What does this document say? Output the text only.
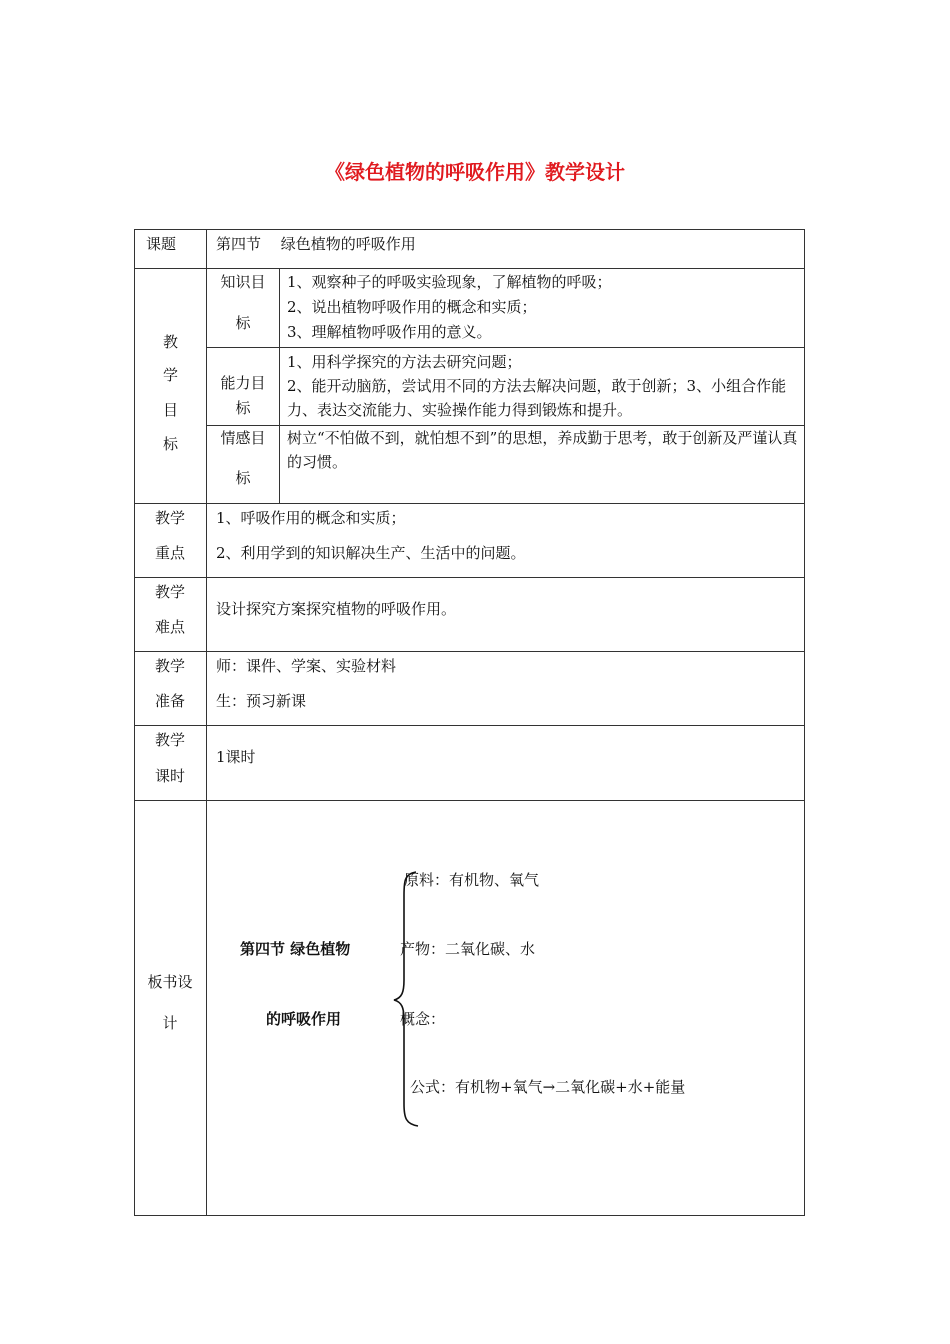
《绿色植物的呼吸作用》教学设计
课题	第四节　 绿色植物的呼吸作用
教
学
目
标
知识目
标
1、观察种子的呼吸实验现象，了解植物的呼吸；
2、说出植物呼吸作用的概念和实质；
3、理解植物呼吸作用的意义。
能力目
标
1、用科学探究的方法去研究问题；
2、能开动脑筋，尝试用不同的方法去解决问题，敢于创新；3、小组合作能力、表达交流能力、实验操作能力得到锻炼和提升。
情感目
标
树立“不怕做不到，就怕想不到”的思想，养成勤于思考，敢于创新及严谨认真的习惯。
教学
重点
1、呼吸作用的概念和实质；
2、利用学到的知识解决生产、生活中的问题。
教学
难点
设计探究方案探究植物的呼吸作用。
教学
准备
师：课件、学案、实验材料
生：预习新课
教学
课时
1课时
板书设
计
第四节 绿色植物
的呼吸作用
原料：有机物、氧气
产物：二氧化碳、水
概念：
公式：有机物+氧气→二氧化碳+水+能量
